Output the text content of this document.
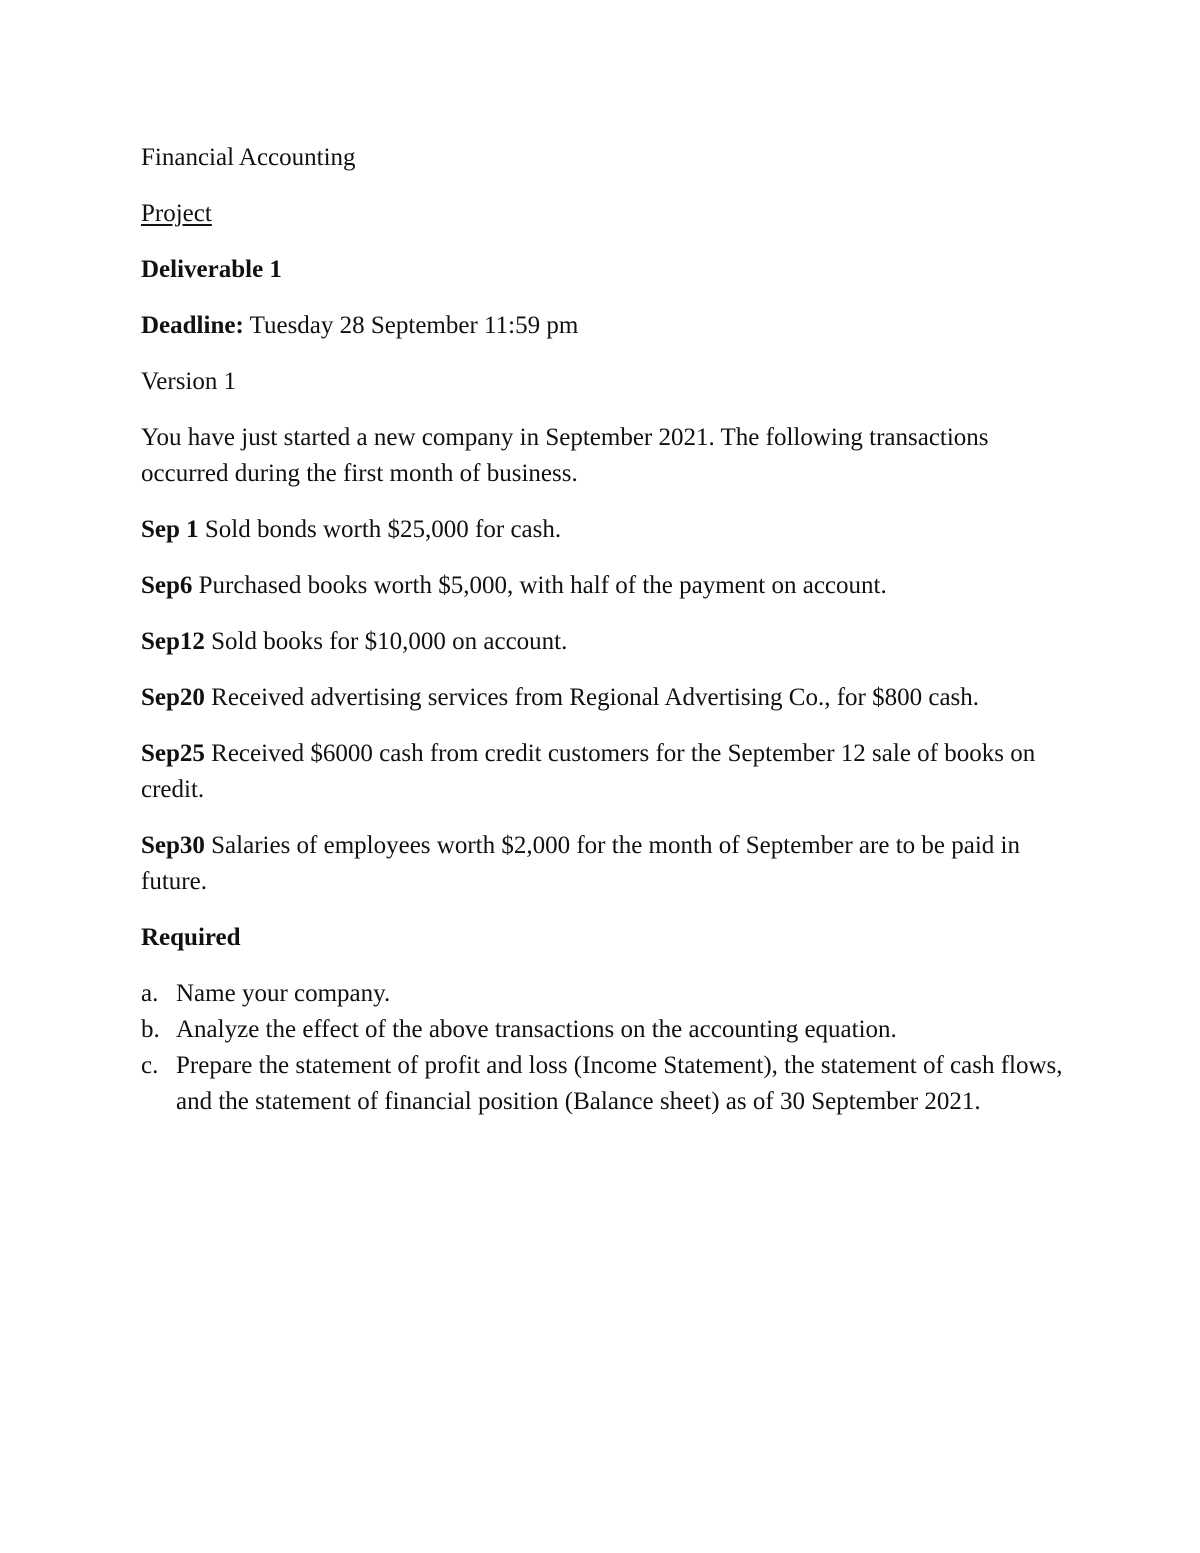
Financial Accounting

Project

Deliverable 1

Deadline: Tuesday 28 September 11:59 pm

Version 1

You have just started a new company in September 2021. The following transactions occurred during the first month of business.

Sep 1 Sold bonds worth $25,000 for cash.

Sep6 Purchased books worth $5,000, with half of the payment on account.

Sep12 Sold books for $10,000 on account.

Sep20 Received advertising services from Regional Advertising Co., for $800 cash.

Sep25 Received $6000 cash from credit customers for the September 12 sale of books on credit.

Sep30 Salaries of employees worth $2,000 for the month of September are to be paid in future.

Required

a. Name your company.
b. Analyze the effect of the above transactions on the accounting equation.
c. Prepare the statement of profit and loss (Income Statement), the statement of cash flows, and the statement of financial position (Balance sheet) as of 30 September 2021.
